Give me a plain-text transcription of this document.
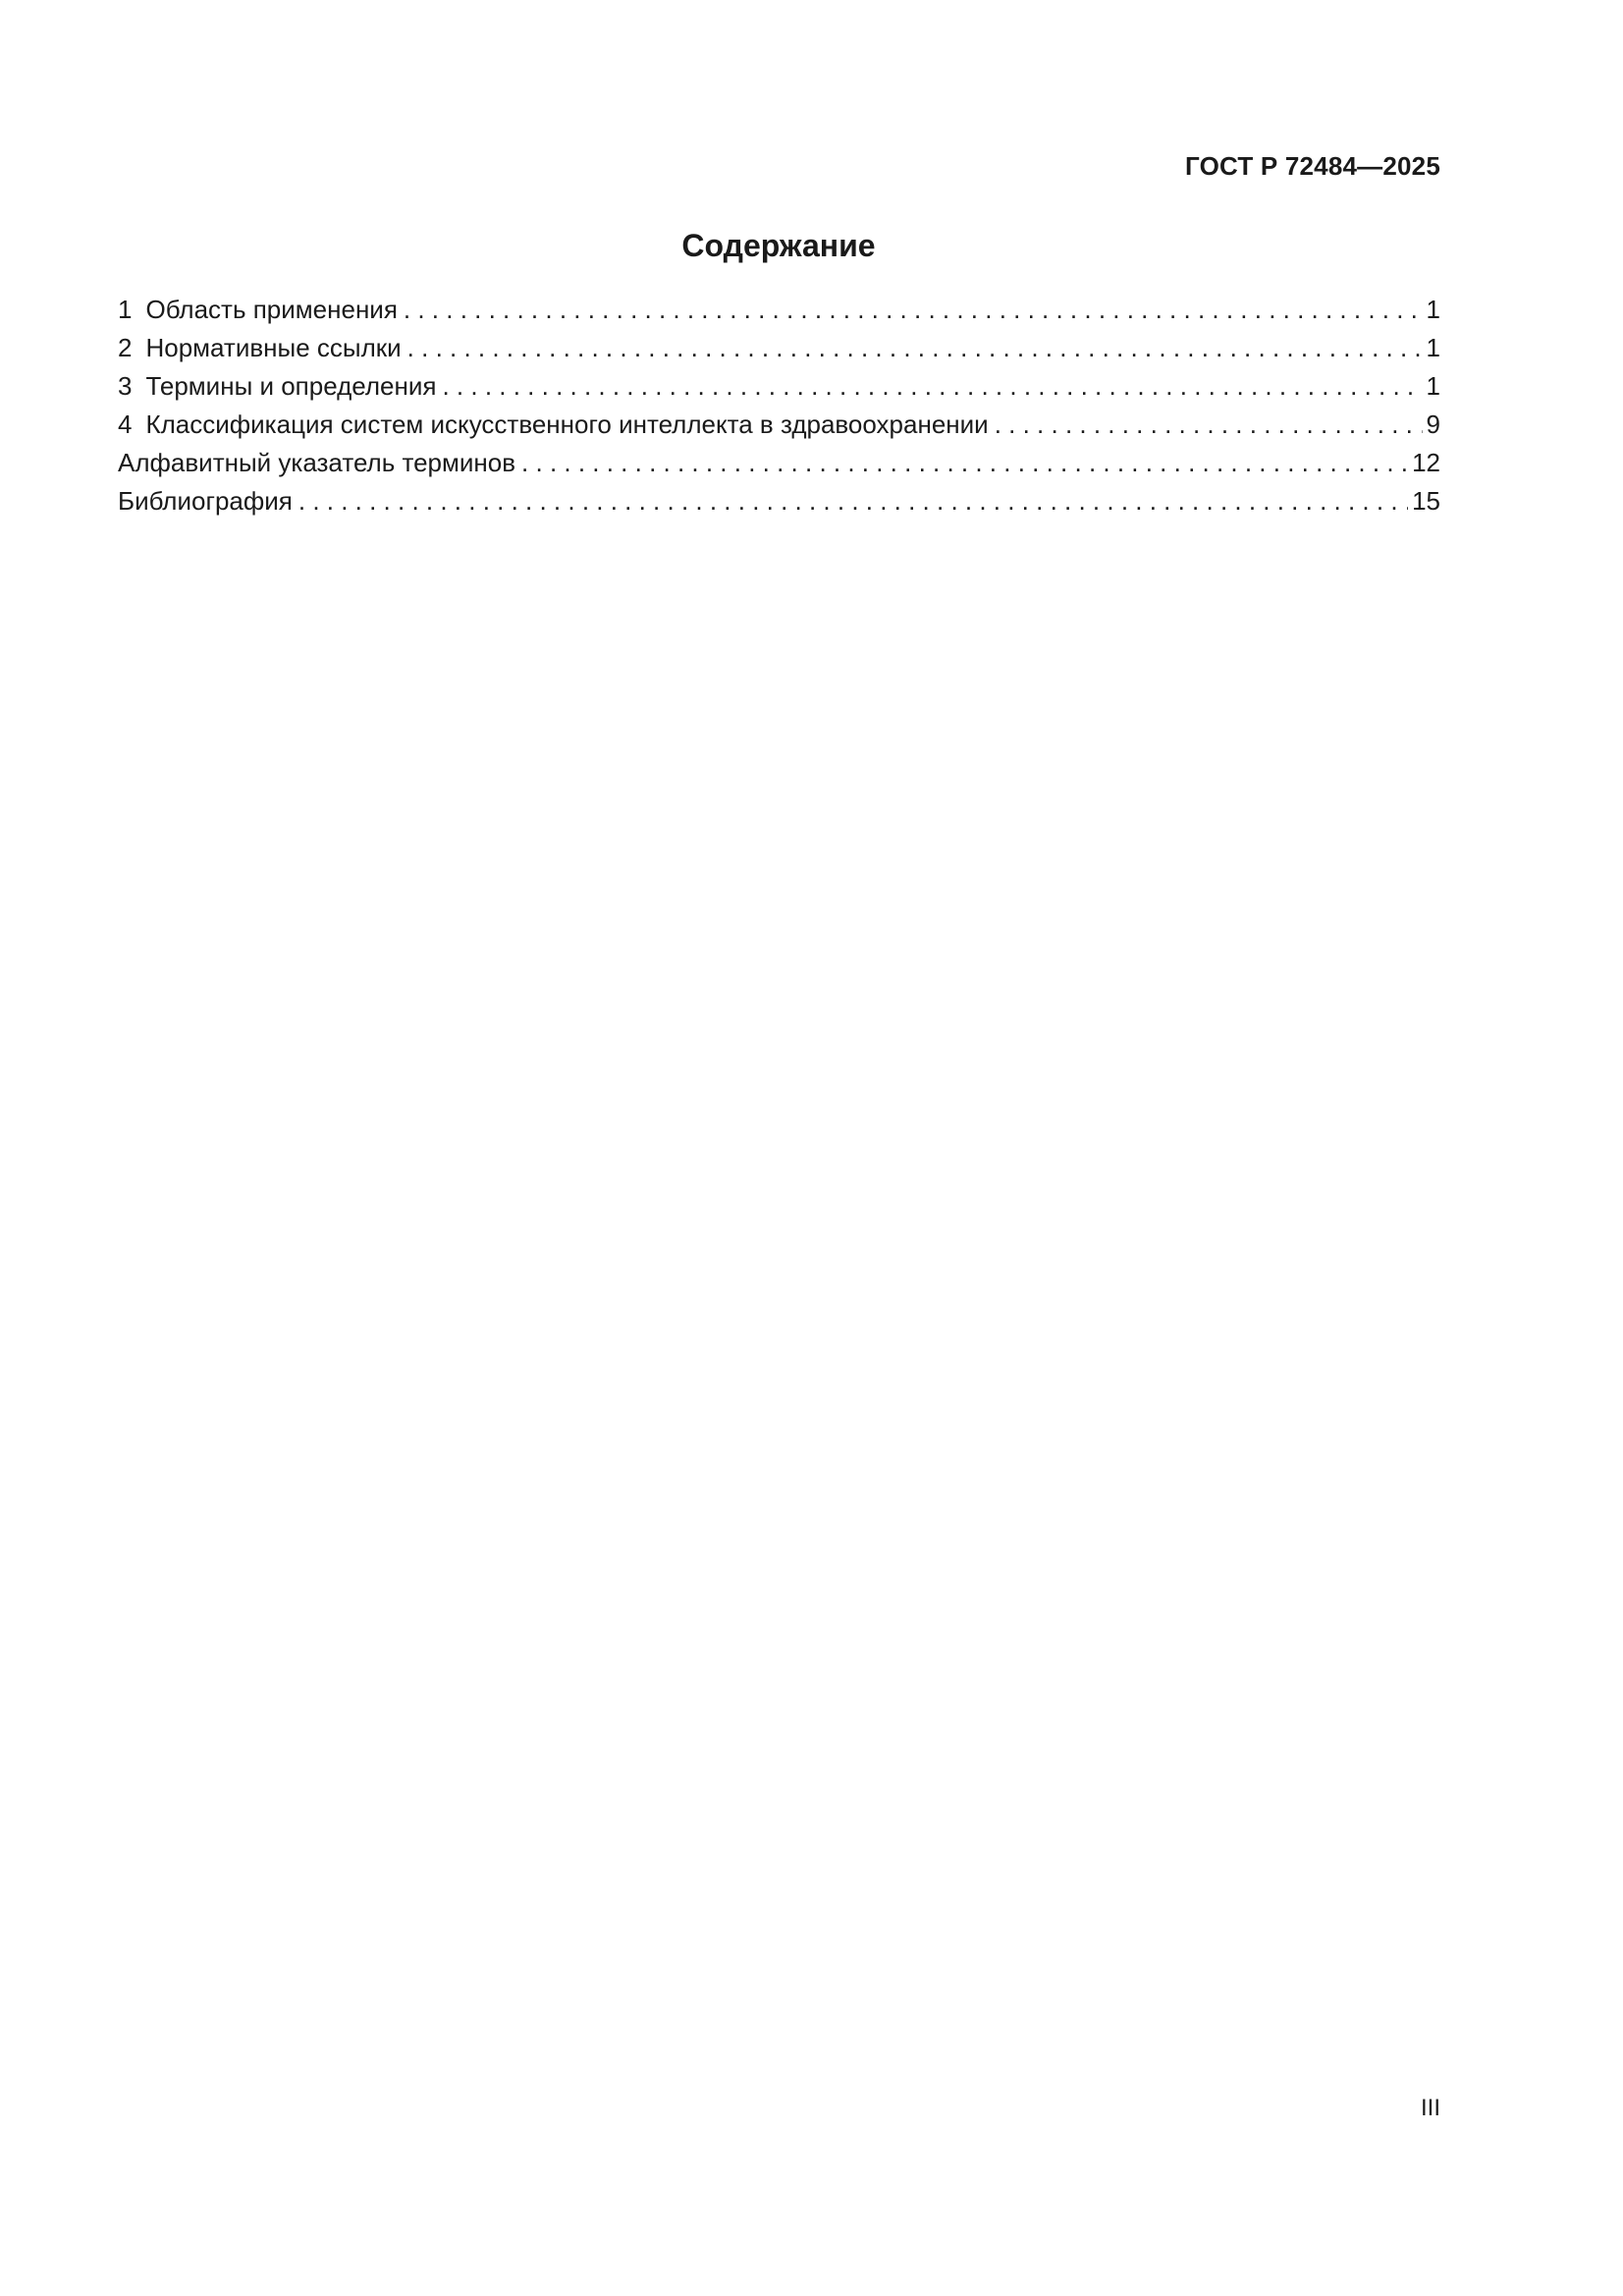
ГОСТ Р 72484—2025
Содержание
1 Область применения . . .	1
2 Нормативные ссылки . . .	1
3 Термины и определения . . .	1
4 Классификация систем искусственного интеллекта в здравоохранении . . .	9
Алфавитный указатель терминов . . .	12
Библиография . . .	15
III
